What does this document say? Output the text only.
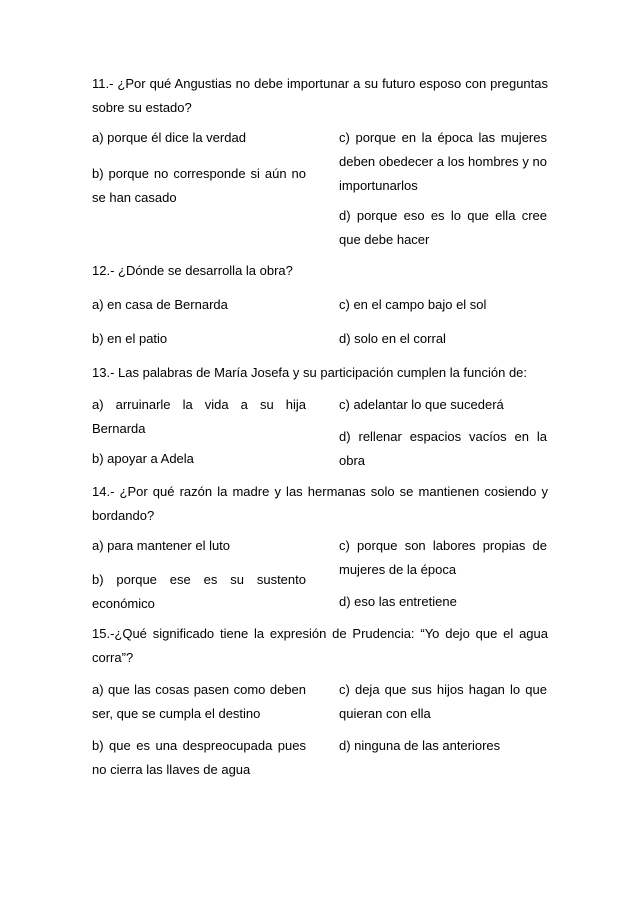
11.- ¿Por qué Angustias no debe importunar a su futuro esposo con preguntas sobre su estado?

a) porque él dice la verdad

b) porque no corresponde si aún no se han casado

c) porque en la época las mujeres deben obedecer a los hombres y no importunarlos

d) porque eso es lo que ella cree que debe hacer

12.- ¿Dónde se desarrolla la obra?

a) en casa de Bernarda	c) en el campo bajo el sol

b) en el patio	d) solo en el corral

13.- Las palabras de María Josefa y su participación cumplen la función de:

a) arruinarle la vida a su hija Bernarda

b) apoyar a Adela

c) adelantar lo que sucederá

d) rellenar espacios vacíos en la obra

14.- ¿Por qué razón la madre y las hermanas solo se mantienen cosiendo y bordando?

a) para mantener el luto

b) porque ese es su sustento económico

c) porque son labores propias de mujeres de la época

d) eso las entretiene

15.-¿Qué significado tiene la expresión de Prudencia: “Yo dejo que el agua corra”?

a) que las cosas pasen como deben ser, que se cumpla el destino

c) deja que sus hijos hagan lo que quieran con ella

b) que es una despreocupada pues no cierra las llaves de agua

d) ninguna de las anteriores
